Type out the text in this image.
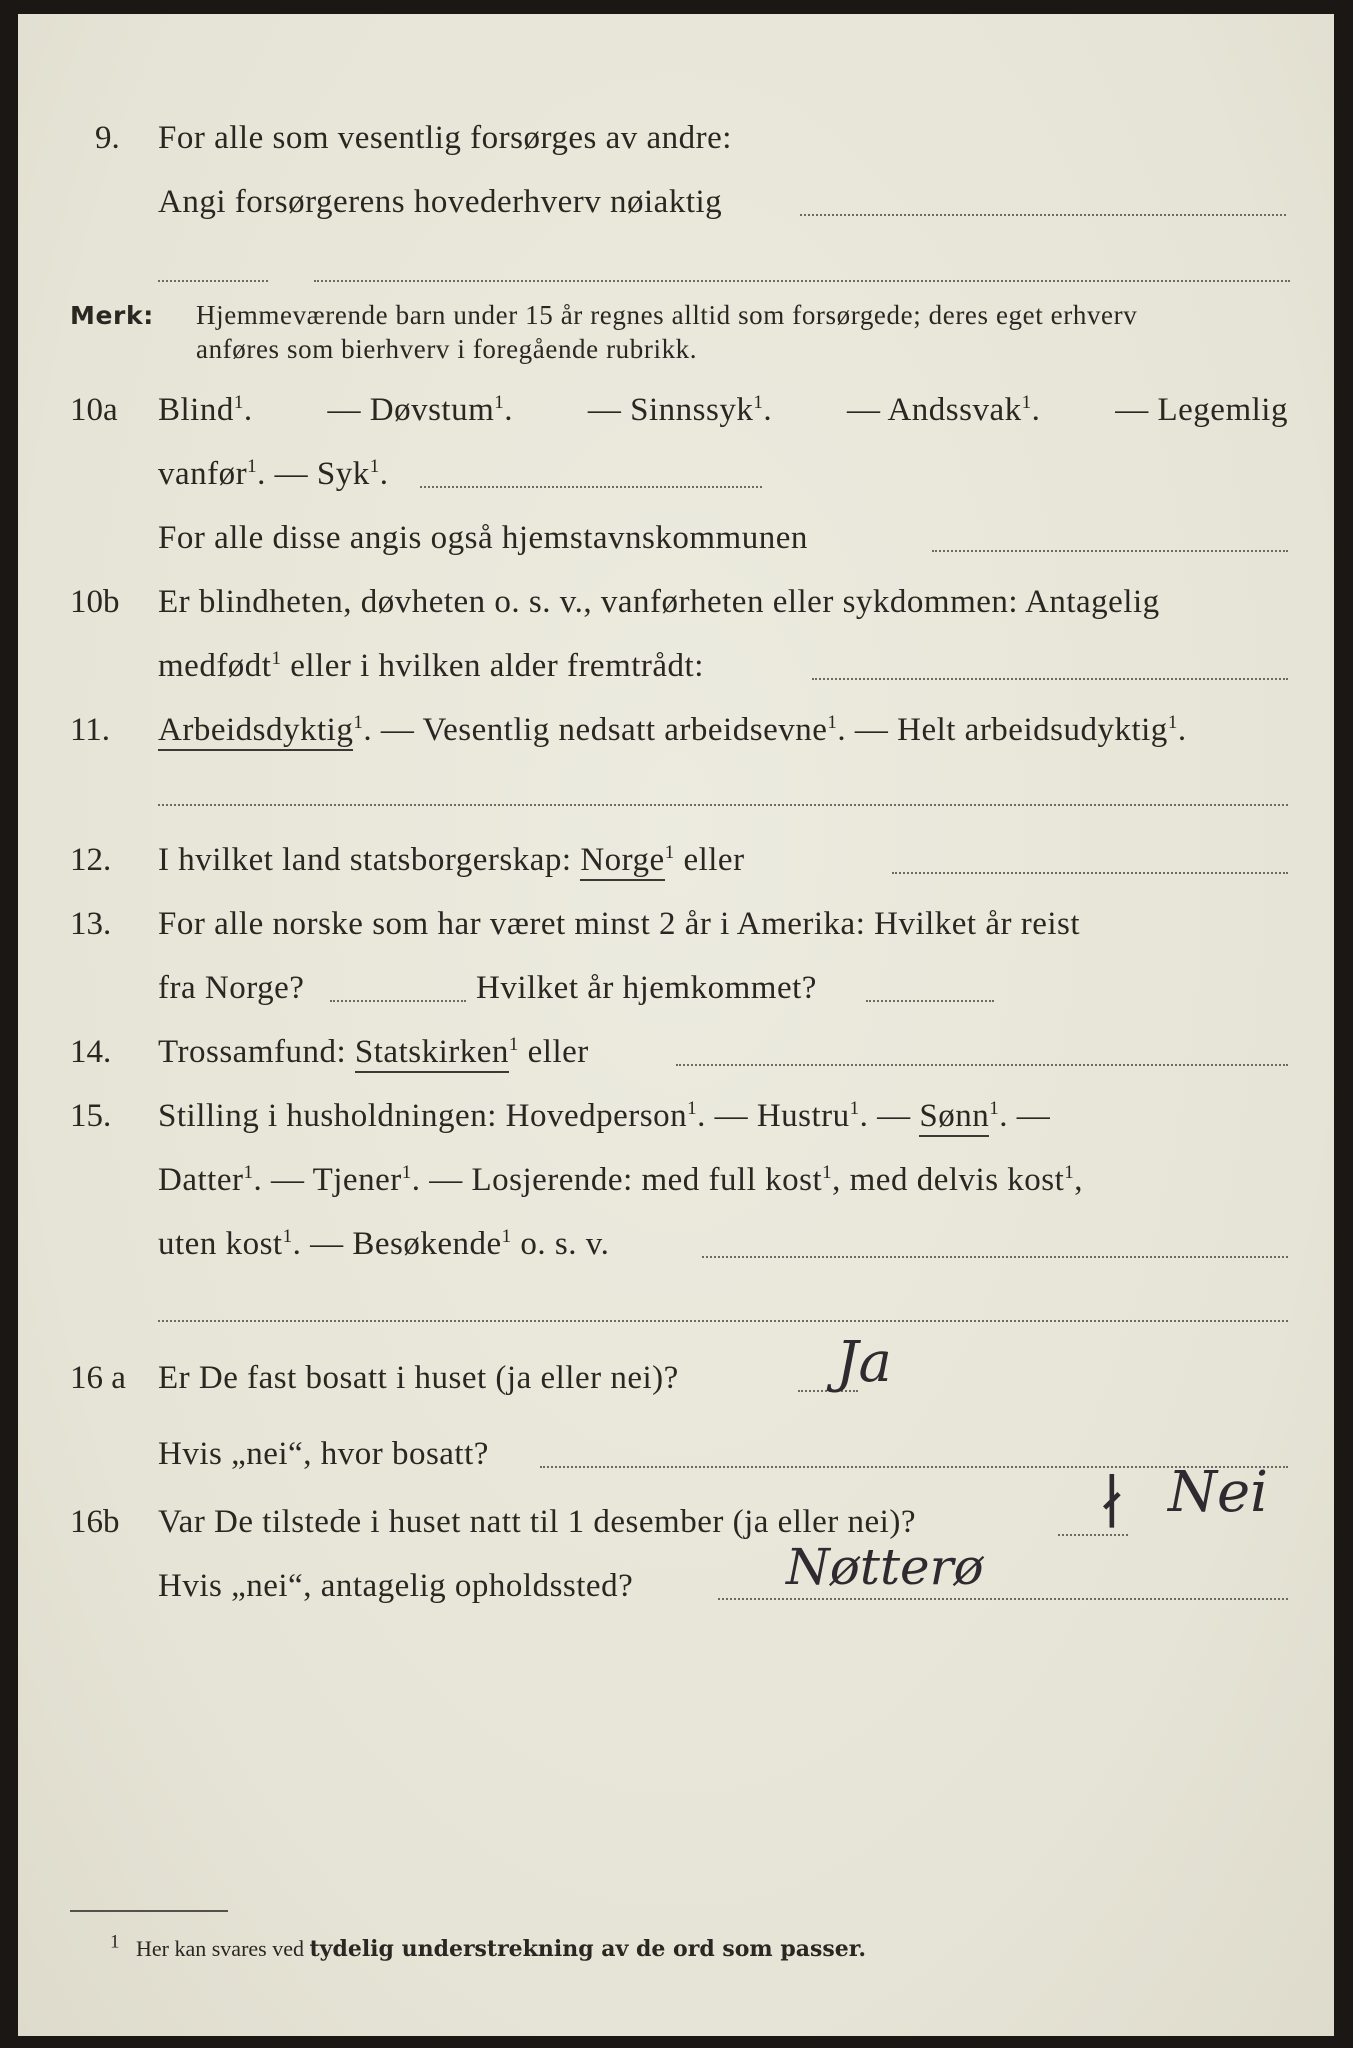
9. For alle som vesentlig forsørges av andre:
Angi forsørgerens hovederhverv nøiaktig
Merk: Hjemmeværende barn under 15 år regnes alltid som forsørgede; deres eget erhverv
anføres som bierhverv i foregående rubrikk.
10a Blind$^1$. — Døvstum$^1$. — Sinnssyk$^1$. — Andssvak$^1$. — Legemlig
vanfør$^1$. — Syk$^1$.
For alle disse angis også hjemstavnskommunen
10b Er blindheten, døvheten o. s. v., vanførheten eller sykdommen: Antagelig
medfødt$^1$ eller i hvilken alder fremtrådt:
11. Arbeidsdyktig$^1$. — Vesentlig nedsatt arbeidsevne$^1$. — Helt arbeidsudyktig$^1$.
12. I hvilket land statsborgerskap: Norge$^1$ eller
13. For alle norske som har været minst 2 år i Amerika: Hvilket år reist
fra Norge?	Hvilket år hjemkommet?
14. Trossamfund: Statskirken$^1$ eller
15. Stilling i husholdningen: Hovedperson$^1$. — Hustru$^1$. — Sønn$^1$. —
Datter$^1$. — Tjener$^1$. — Losjerende: med full kost$^1$, med delvis kost$^1$,
uten kost$^1$. — Besøkende$^1$ o. s. v.
16 a Er De fast bosatt i huset (ja eller nei)?	Ja
Hvis „nei“, hvor bosatt?
16b Var De tilstede i huset natt til 1 desember (ja eller nei)?	∤ Nei
Hvis „nei“, antagelig opholdssted?	Nøtterø
1 Her kan svares ved tydelig understrekning av de ord som passer.
